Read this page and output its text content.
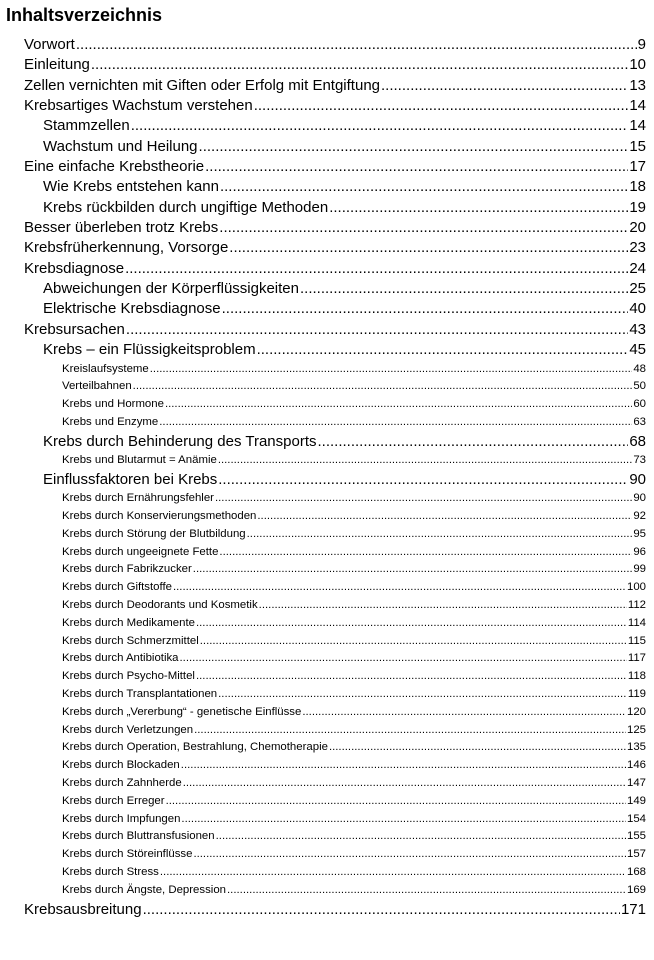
Inhaltsverzeichnis
Vorwort .....	9
Einleitung .....	10
Zellen vernichten mit Giften oder Erfolg mit Entgiftung .....	13
Krebsartiges Wachstum verstehen .....	14
Stammzellen .....	14
Wachstum und Heilung .....	15
Eine einfache Krebstheorie .....	17
Wie Krebs entstehen kann .....	18
Krebs rückbilden durch ungiftige Methoden .....	19
Besser überleben trotz Krebs .....	20
Krebsfrüherkennung, Vorsorge .....	23
Krebsdiagnose .....	24
Abweichungen der Körperflüssigkeiten .....	25
Elektrische Krebsdiagnose .....	40
Krebsursachen .....	43
Krebs – ein Flüssigkeitsproblem .....	45
Kreislaufsysteme .....	48
Verteilbahnen .....	50
Krebs und Hormone .....	60
Krebs und Enzyme .....	63
Krebs durch Behinderung des Transports .....	68
Krebs und Blutarmut = Anämie .....	73
Einflussfaktoren bei Krebs .....	90
Krebs durch Ernährungsfehler .....	90
Krebs durch Konservierungsmethoden .....	92
Krebs durch Störung der Blutbildung .....	95
Krebs durch ungeeignete Fette .....	96
Krebs durch Fabrikzucker .....	99
Krebs durch Giftstoffe .....	100
Krebs durch Deodorants und Kosmetik .....	112
Krebs durch Medikamente .....	114
Krebs durch Schmerzmittel .....	115
Krebs durch Antibiotika .....	117
Krebs durch Psycho-Mittel .....	118
Krebs durch Transplantationen .....	119
Krebs durch „Vererbung“ - genetische Einflüsse .....	120
Krebs durch Verletzungen .....	125
Krebs durch Operation, Bestrahlung, Chemotherapie .....	135
Krebs durch Blockaden .....	146
Krebs durch Zahnherde .....	147
Krebs durch Erreger .....	149
Krebs durch Impfungen .....	154
Krebs durch Bluttransfusionen .....	155
Krebs durch Störeinflüsse .....	157
Krebs durch Stress .....	168
Krebs durch Ängste, Depression .....	169
Krebsausbreitung .....	171
